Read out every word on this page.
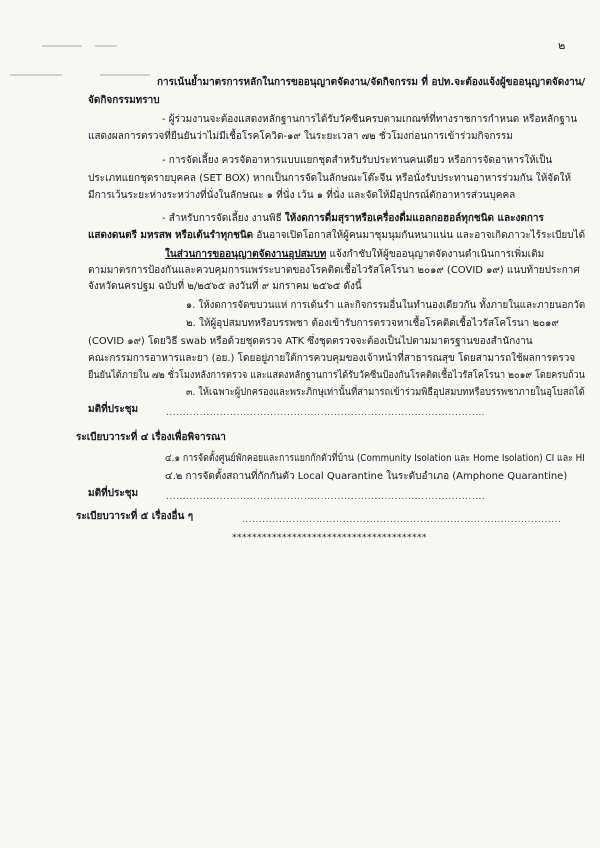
๒
การเน้นย้ำมาตรการหลักในการขออนุญาตจัดงาน/จัดกิจกรรม ที่ อปท.จะต้องแจ้งผู้ขออนุญาตจัดงาน/
จัดกิจกรรมทราบ
- ผู้ร่วมงานจะต้องแสดงหลักฐานการได้รับวัคซีนครบตามเกณฑ์ที่ทางราชการกำหนด หรือหลักฐาน
แสดงผลการตรวจที่ยืนยันว่าไม่มีเชื้อโรคโควิด-๑๙ ในระยะเวลา ๗๒ ชั่วโมงก่อนการเข้าร่วมกิจกรรม
- การจัดเลี้ยง ควรจัดอาหารแบบแยกชุดสำหรับรับประทานคนเดียว หรือการจัดอาหารให้เป็น
ประเภทแยกชุดรายบุคคล (SET BOX) หากเป็นการจัดในลักษณะโต๊ะจีน หรือนั่งรับประทานอาหารร่วมกัน ให้จัดให้
มีการเว้นระยะห่างระหว่างที่นั่งในลักษณะ ๑ ที่นั่ง เว้น ๑ ที่นั่ง และจัดให้มีอุปกรณ์ตักอาหารส่วนบุคคล
- สำหรับการจัดเลี้ยง งานพิธี ให้งดการดื่มสุราหรือเครื่องดื่มแอลกอฮอล์ทุกชนิด และงดการ
แสดงดนตรี มหรสพ หรือเต้นรำทุกชนิด อันอาจเปิดโอกาสให้ผู้คนมาชุมนุมกันหนาแน่น และอาจเกิดภาวะไร้ระเบียบได้
ในส่วนการขออนุญาตจัดงานอุปสมบท แจ้งกำชับให้ผู้ขออนุญาตจัดงานดำเนินการเพิ่มเติม
ตามมาตรการป้องกันและควบคุมการแพร่ระบาดของโรคติดเชื้อไวรัสโคโรนา ๒๐๑๙ (COVID ๑๙) แนบท้ายประกาศ
จังหวัดนครปฐม ฉบับที่ ๒/๒๕๖๕ ลงวันที่ ๙ มกราคม ๒๕๖๕ ดังนี้
๑. ให้งดการจัดขบวนแห่ การเต้นรำ และกิจกรรมอื่นในทำนองเดียวกัน ทั้งภายในและภายนอกวัด
๒. ให้ผู้อุปสมบทหรือบรรพชา ต้องเข้ารับการตรวจหาเชื้อโรคติดเชื้อไวรัสโคโรนา ๒๐๑๙
(COVID ๑๙) โดยวิธี swab หรือด้วยชุดตรวจ ATK ซึ่งชุดตรวจจะต้องเป็นไปตามมาตรฐานของสำนักงาน
คณะกรรมการอาหารและยา (อย.) โดยอยู่ภายใต้การควบคุมของเจ้าหน้าที่สาธารณสุข โดยสามารถใช้ผลการตรวจ
ยืนยันได้ภายใน ๗๒ ชั่วโมงหลังการตรวจ และแสดงหลักฐานการได้รับวัคซีนป้องกันโรคติดเชื้อไวรัสโคโรนา ๒๐๑๙ โดยครบถ้วน
๓. ให้เฉพาะผู้ปกครองและพระภิกษุเท่านั้นที่สามารถเข้าร่วมพิธีอุปสมบทหรือบรรพชาภายในอุโบสถได้
มติที่ประชุม	...............................................................................................
ระเบียบวาระที่ ๔ เรื่องเพื่อพิจารณา
๔.๑ การจัดตั้งศูนย์พักคอยและการแยกกักตัวที่บ้าน (Community Isolation และ Home Isolation) CI และ HI
๔.๒ การจัดตั้งสถานที่กักกันตัว Local Quarantine ในระดับอำเภอ (Amphone Quarantine)
มติที่ประชุม	...............................................................................................
ระเบียบวาระที่ ๕ เรื่องอื่น ๆ	...............................................................................................
***************************************
